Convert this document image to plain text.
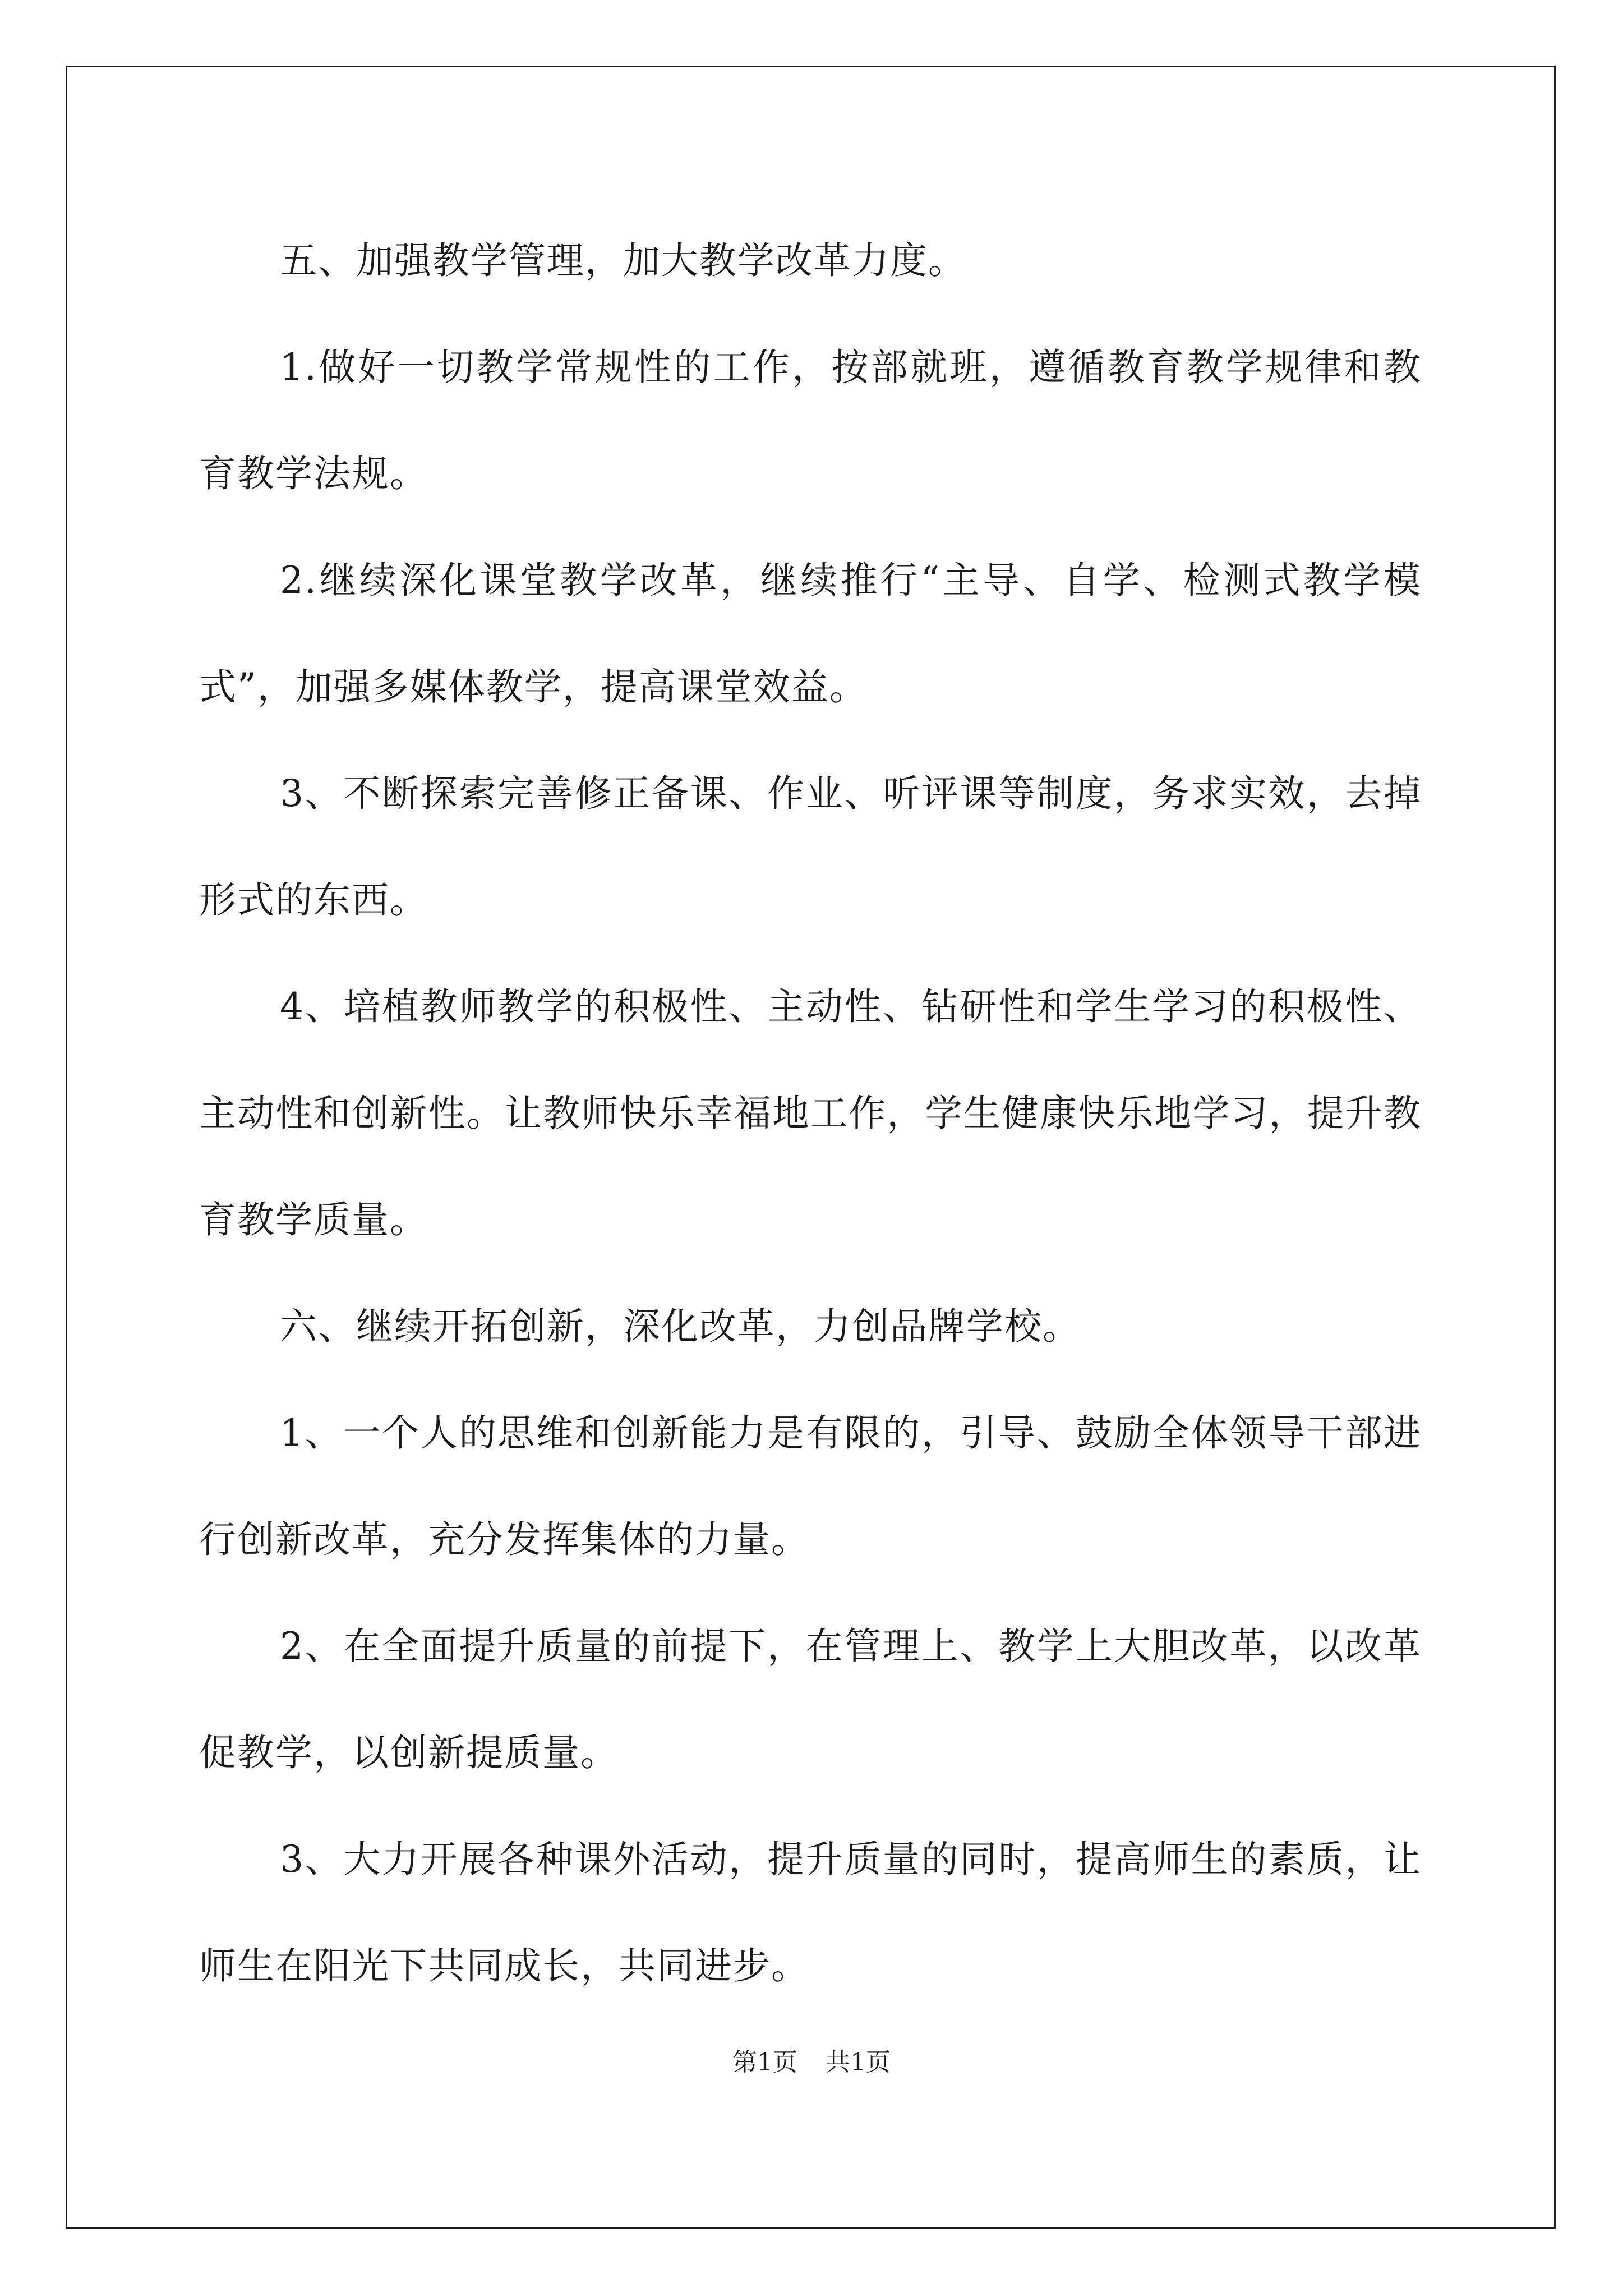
五、加强教学管理，加大教学改革力度。

1.做好一切教学常规性的工作，按部就班，遵循教育教学规律和教育教学法规。

2.继续深化课堂教学改革，继续推行“主导、自学、检测式教学模式”，加强多媒体教学，提高课堂效益。

3、不断探索完善修正备课、作业、听评课等制度，务求实效，去掉形式的东西。

4、培植教师教学的积极性、主动性、钻研性和学生学习的积极性、主动性和创新性。让教师快乐幸福地工作，学生健康快乐地学习，提升教育教学质量。

六、继续开拓创新，深化改革，力创品牌学校。

1、一个人的思维和创新能力是有限的，引导、鼓励全体领导干部进行创新改革，充分发挥集体的力量。

2、在全面提升质量的前提下，在管理上、教学上大胆改革，以改革促教学，以创新提质量。

3、大力开展各种课外活动，提升质量的同时，提高师生的素质，让师生在阳光下共同成长，共同进步。

第1页 共1页
